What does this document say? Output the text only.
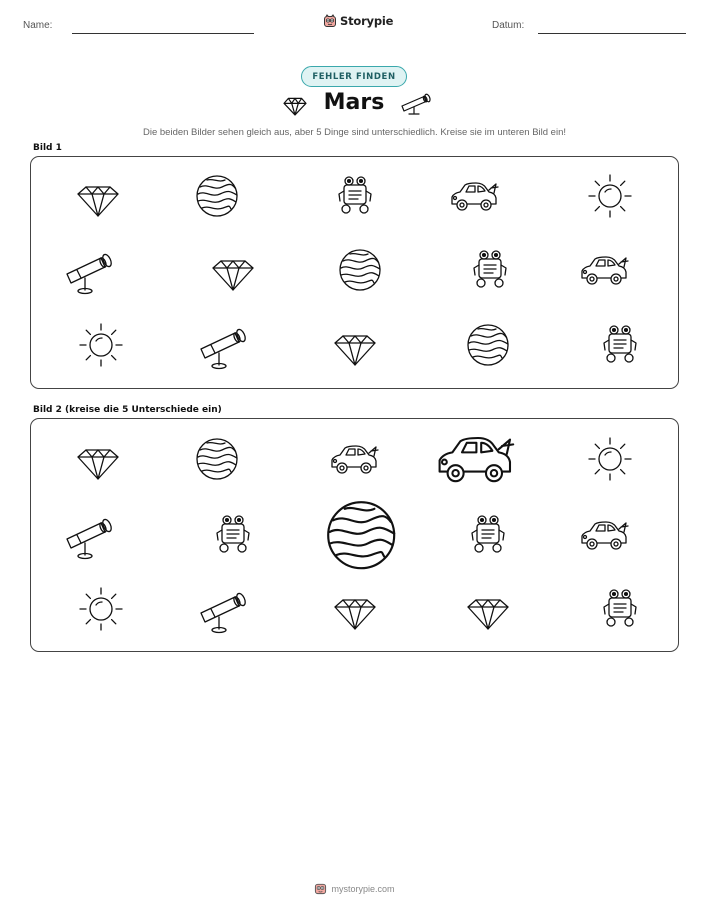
Name:	Storypie	Datum:
FEHLER FINDEN
Mars
Die beiden Bilder sehen gleich aus, aber 5 Dinge sind unterschiedlich. Kreise sie im unteren Bild ein!
Bild 1
Bild 2 (kreise die 5 Unterschiede ein)
mystorypie.com
